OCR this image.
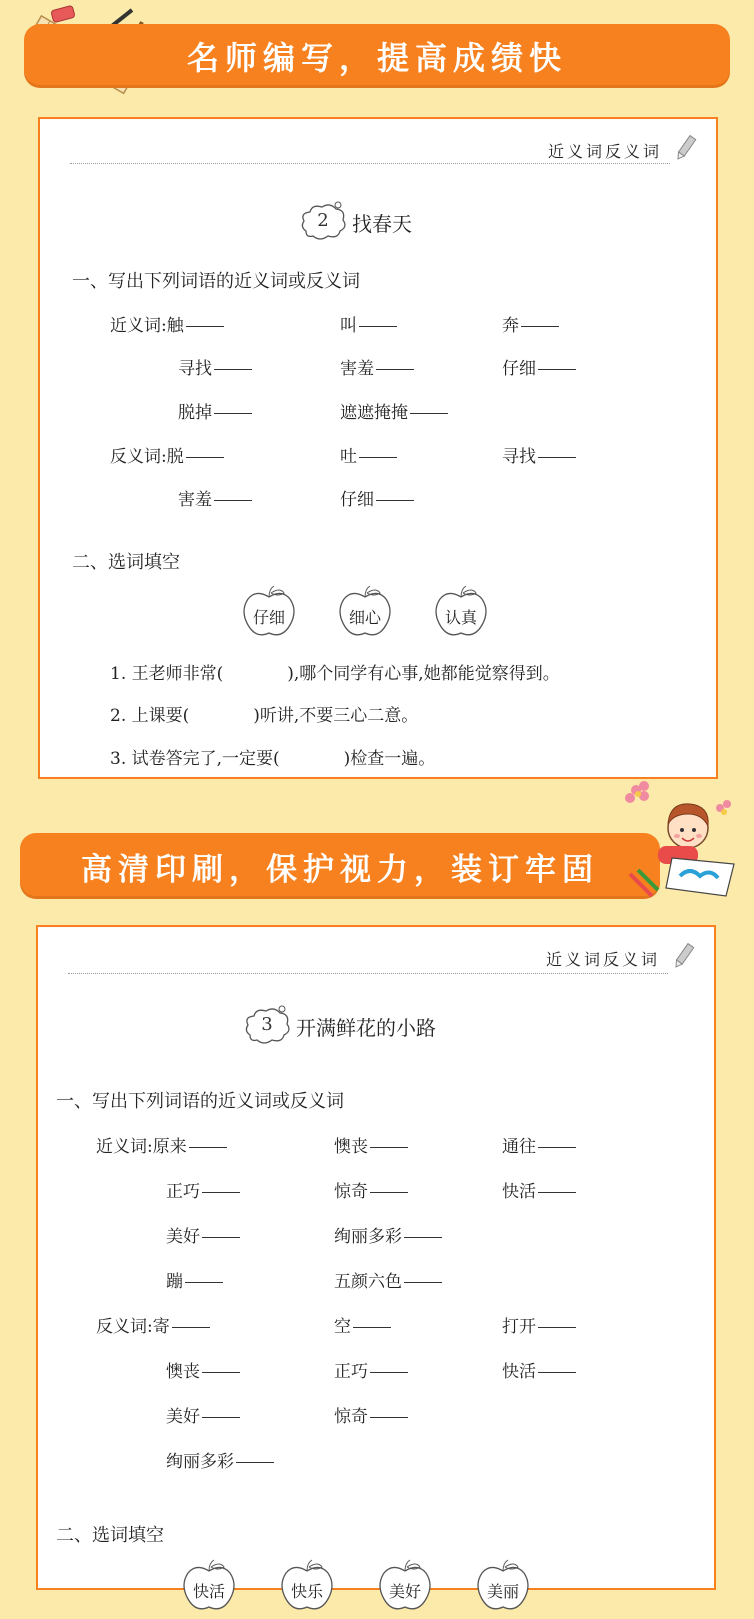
名师编写，提高成绩快
近义词反义词
2	找春天
一、写出下列词语的近义词或反义词
近义词:触	叫	奔
寻找	害羞	仔细
脱掉	遮遮掩掩
反义词:脱	吐	寻找
害羞	仔细
二、选词填空
仔细	细心	认真
1. 王老师非常(	),哪个同学有心事,她都能觉察得到。
2. 上课要(	)听讲,不要三心二意。
3. 试卷答完了,一定要(	)检查一遍。
高清印刷，保护视力，装订牢固
近义词反义词
3	开满鲜花的小路
一、写出下列词语的近义词或反义词
近义词:原来	懊丧	通往
正巧	惊奇	快活
美好	绚丽多彩
蹦	五颜六色
反义词:寄	空	打开
懊丧	正巧	快活
美好	惊奇
绚丽多彩
二、选词填空
快活	快乐	美好	美丽
